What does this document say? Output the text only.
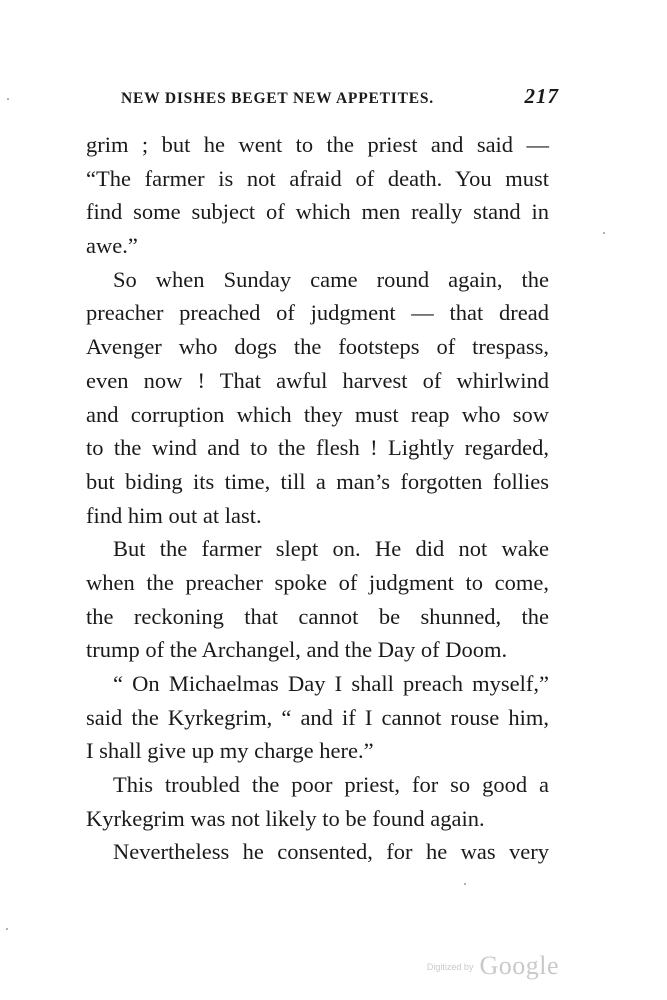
NEW DISHES BEGET NEW APPETITES.	217
grim ; but he went to the priest and said —
“The farmer is not afraid of death. You must
find some subject of which men really stand in
awe.”
So when Sunday came round again, the
preacher preached of judgment — that dread
Avenger who dogs the footsteps of trespass,
even now ! That awful harvest of whirlwind
and corruption which they must reap who sow
to the wind and to the flesh ! Lightly regarded,
but biding its time, till a man’s forgotten follies
find him out at last.
But the farmer slept on. He did not wake
when the preacher spoke of judgment to come,
the reckoning that cannot be shunned, the
trump of the Archangel, and the Day of Doom.
“ On Michaelmas Day I shall preach myself,”
said the Kyrkegrim, “ and if I cannot rouse him,
I shall give up my charge here.”
This troubled the poor priest, for so good a
Kyrkegrim was not likely to be found again.
Nevertheless he consented, for he was very
$^{Digitized by}$ Google
